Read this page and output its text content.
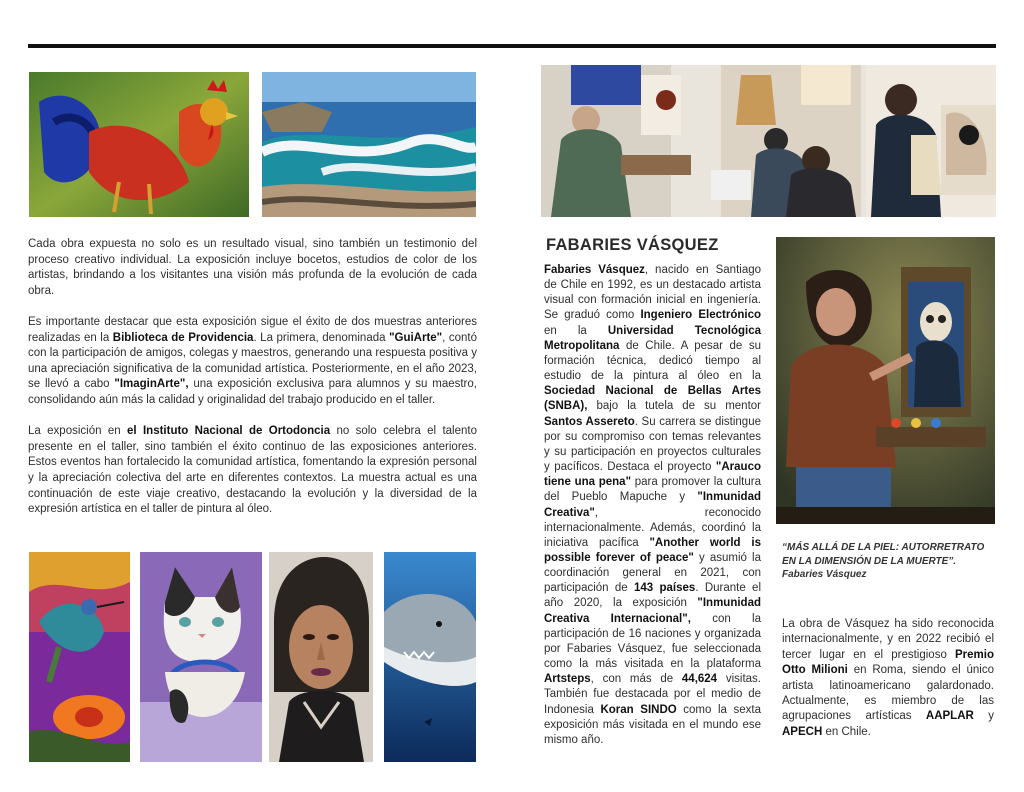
Cada obra expuesta no solo es un resultado visual, sino también un testimonio del proceso creativo individual. La exposición incluye bocetos, estudios de color de los artistas, brindando a los visitantes una visión más profunda de la evolución de cada obra.

Es importante destacar que esta exposición sigue el éxito de dos muestras anteriores realizadas en la Biblioteca de Providencia. La primera, denominada "GuiArte", contó con la participación de amigos, colegas y maestros, generando una respuesta positiva y una apreciación significativa de la comunidad artística. Posteriormente, en el año 2023, se llevó a cabo "ImaginArte", una exposición exclusiva para alumnos y su maestro, consolidando aún más la calidad y originalidad del trabajo producido en el taller.

La exposición en el Instituto Nacional de Ortodoncia no solo celebra el talento presente en el taller, sino también el éxito continuo de las exposiciones anteriores. Estos eventos han fortalecido la comunidad artística, fomentando la expresión personal y la apreciación colectiva del arte en diferentes contextos. La muestra actual es una continuación de este viaje creativo, destacando la evolución y la diversidad de la expresión artística en el taller de pintura al óleo.

FABARIES VÁSQUEZ

Fabaries Vásquez, nacido en Santiago de Chile en 1992, es un destacado artista visual con formación inicial en ingeniería. Se graduó como Ingeniero Electrónico en la Universidad Tecnológica Metropolitana de Chile. A pesar de su formación técnica, dedicó tiempo al estudio de la pintura al óleo en la Sociedad Nacional de Bellas Artes (SNBA), bajo la tutela de su mentor Santos Assereto. Su carrera se distingue por su compromiso con temas relevantes y su participación en proyectos culturales y pacíficos. Destaca el proyecto "Arauco tiene una pena" para promover la cultura del Pueblo Mapuche y "Inmunidad Creativa", reconocido internacionalmente. Además, coordinó la iniciativa pacífica "Another world is possible forever of peace" y asumió la coordinación general en 2021, con participación de 143 países. Durante el año 2020, la exposición "Inmunidad Creativa Internacional", con la participación de 16 naciones y organizada por Fabaries Vásquez, fue seleccionada como la más visitada en la plataforma Artsteps, con más de 44,624 visitas. También fue destacada por el medio de Indonesia Koran SINDO como la sexta exposición más visitada en el mundo ese mismo año.

“MÁS ALLÁ DE LA PIEL: AUTORRETRATO EN LA DIMENSIÓN DE LA MUERTE”. Fabaries Vásquez

La obra de Vásquez ha sido reconocida internacionalmente, y en 2022 recibió el tercer lugar en el prestigioso Premio Otto Milioni en Roma, siendo el único artista latinoamericano galardonado. Actualmente, es miembro de las agrupaciones artísticas AAPLAR y APECH en Chile.
